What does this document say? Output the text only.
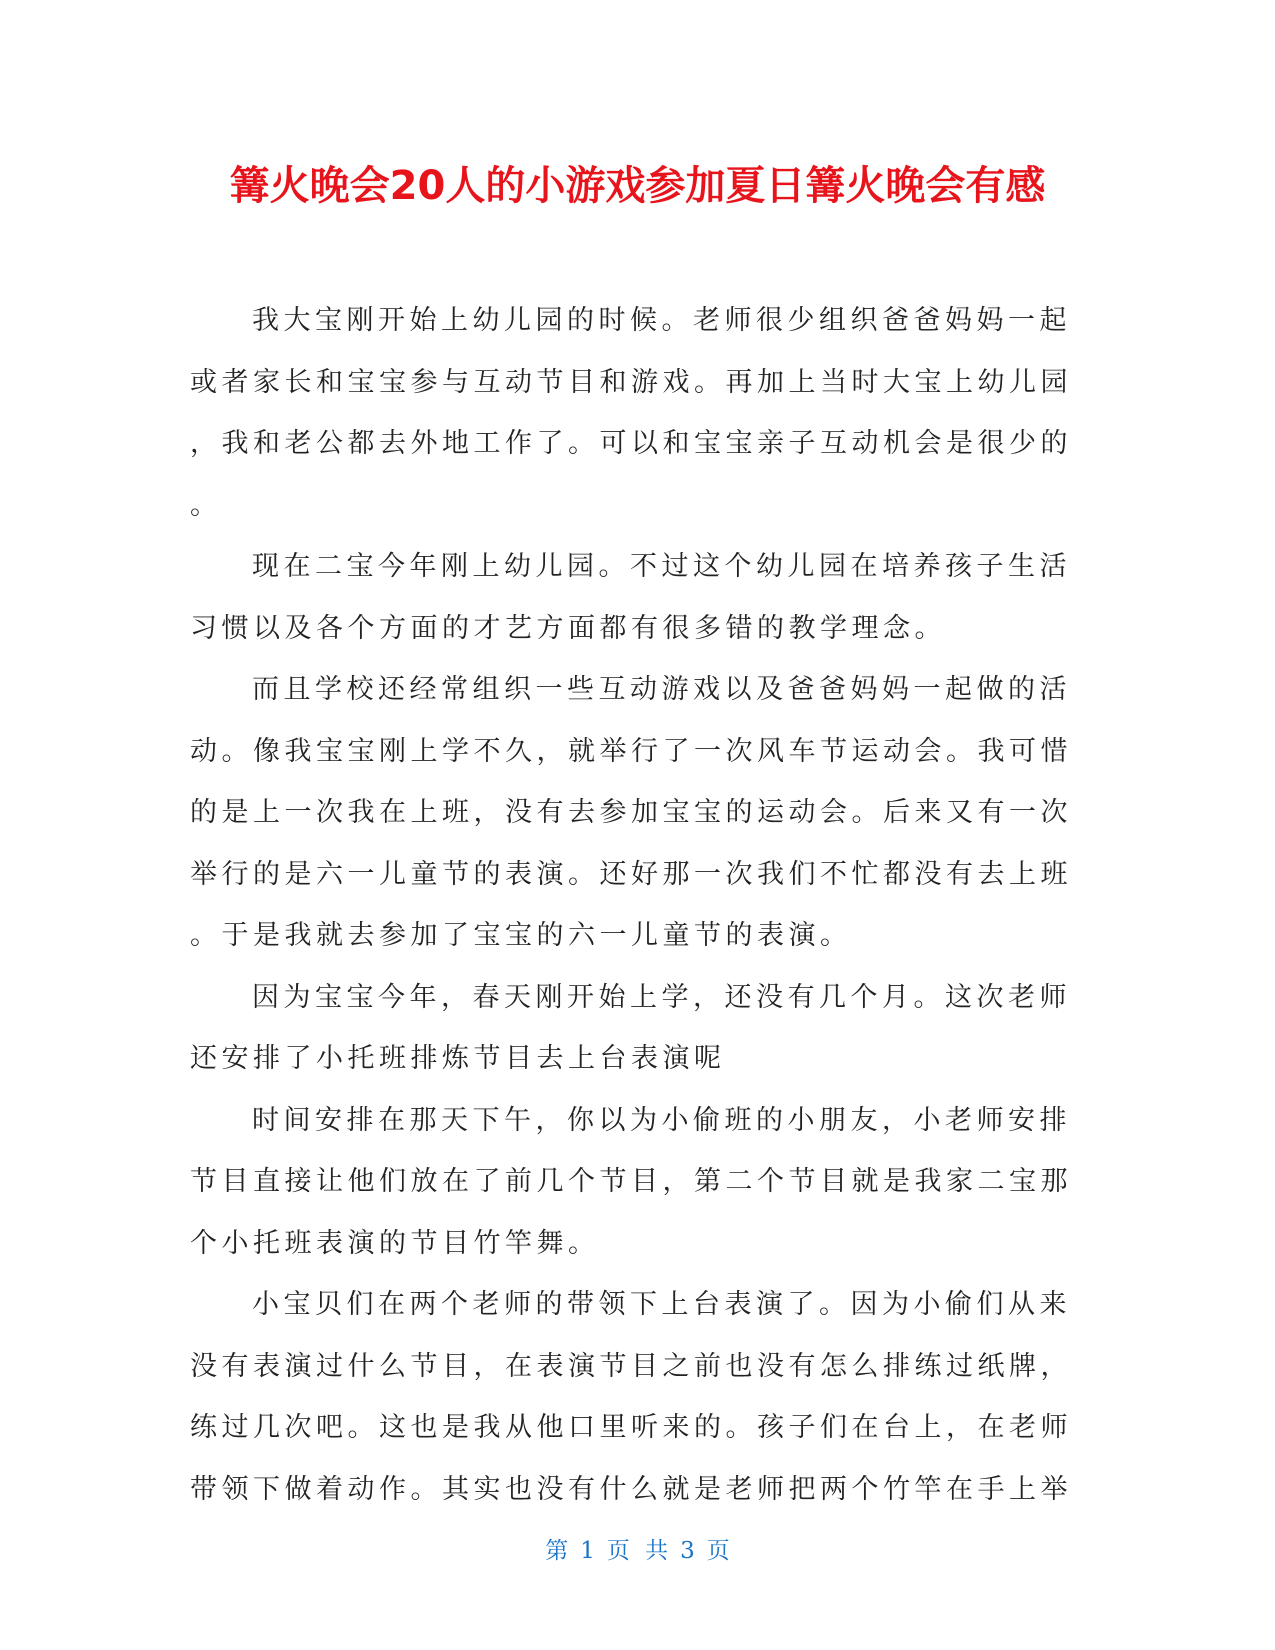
篝火晚会20人的小游戏参加夏日篝火晚会有感
我大宝刚开始上幼儿园的时候。老师很少组织爸爸妈妈一起
或者家长和宝宝参与互动节目和游戏。再加上当时大宝上幼儿园
，我和老公都去外地工作了。可以和宝宝亲子互动机会是很少的
。
现在二宝今年刚上幼儿园。不过这个幼儿园在培养孩子生活
习惯以及各个方面的才艺方面都有很多错的教学理念。
而且学校还经常组织一些互动游戏以及爸爸妈妈一起做的活
动。像我宝宝刚上学不久，就举行了一次风车节运动会。我可惜
的是上一次我在上班，没有去参加宝宝的运动会。后来又有一次
举行的是六一儿童节的表演。还好那一次我们不忙都没有去上班
。于是我就去参加了宝宝的六一儿童节的表演。
因为宝宝今年，春天刚开始上学，还没有几个月。这次老师
还安排了小托班排炼节目去上台表演呢
时间安排在那天下午，你以为小偷班的小朋友，小老师安排
节目直接让他们放在了前几个节目，第二个节目就是我家二宝那
个小托班表演的节目竹竿舞。
小宝贝们在两个老师的带领下上台表演了。因为小偷们从来
没有表演过什么节目，在表演节目之前也没有怎么排练过纸牌，
练过几次吧。这也是我从他口里听来的。孩子们在台上，在老师
带领下做着动作。其实也没有什么就是老师把两个竹竿在手上举
第 1 页 共 3 页
